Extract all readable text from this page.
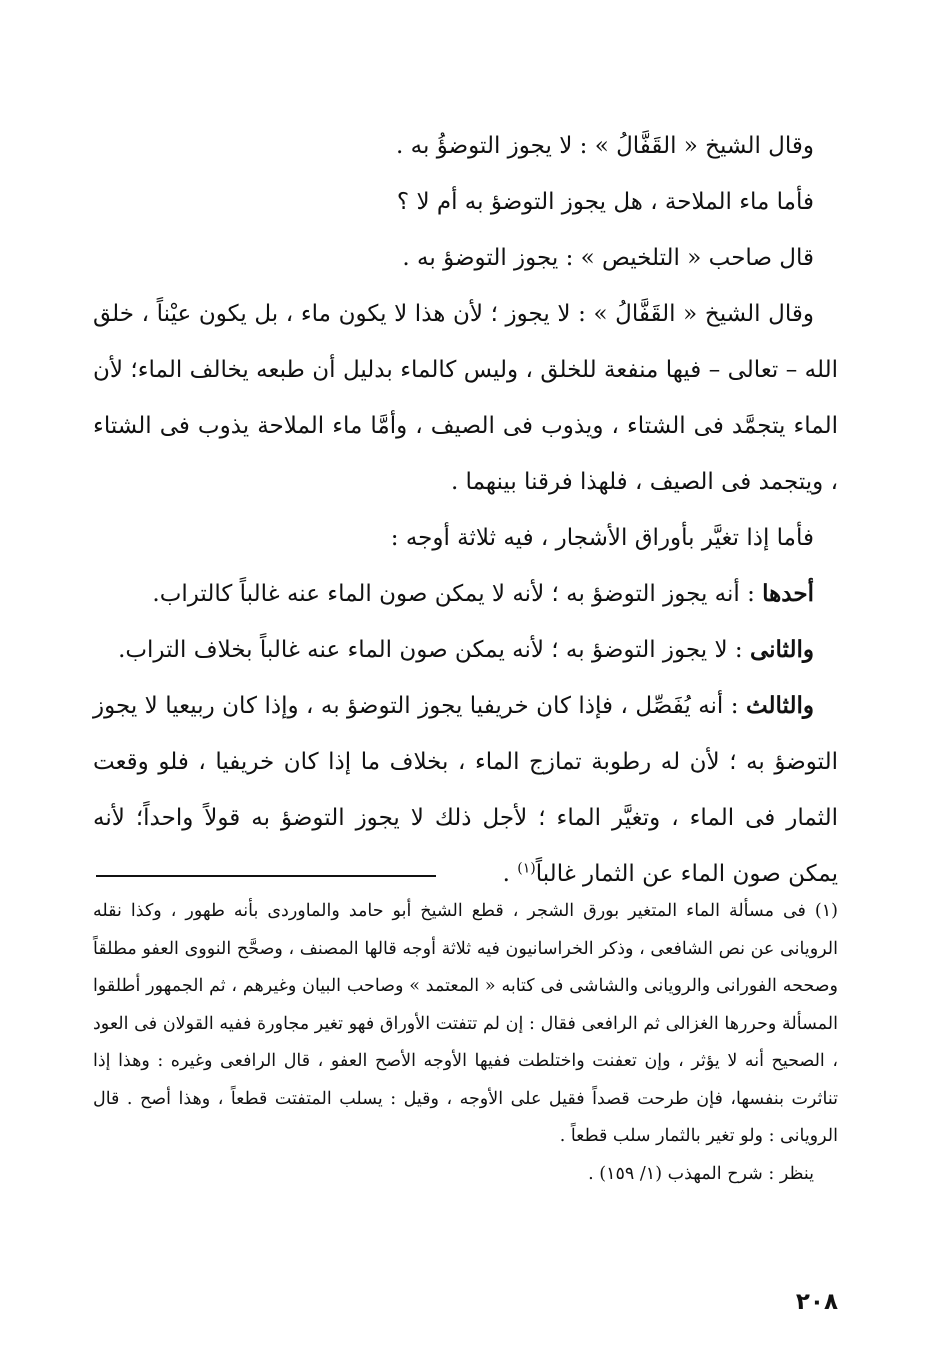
وقال الشيخ « القَفَّالُ » : لا يجوز التوضؤُ به .

فأما ماء الملاحة ، هل يجوز التوضؤ به أم لا ؟

قال صاحب « التلخيص » : يجوز التوضؤ به .

وقال الشيخ « القَفَّالُ » : لا يجوز ؛ لأن هذا لا يكون ماء ، بل يكون عيْناً ، خلق الله – تعالى – فيها منفعة للخلق ، وليس كالماء بدليل أن طبعه يخالف الماء؛ لأن الماء يتجمَّد فى الشتاء ، ويذوب فى الصيف ، وأمَّا ماء الملاحة يذوب فى الشتاء ، ويتجمد فى الصيف ، فلهذا فرقنا بينهما .

فأما إذا تغيَّر بأوراق الأشجار ، فيه ثلاثة أوجه :

أحدها : أنه يجوز التوضؤ به ؛ لأنه لا يمكن صون الماء عنه غالباً كالتراب.

والثانى : لا يجوز التوضؤ به ؛ لأنه يمكن صون الماء عنه غالباً بخلاف التراب.

والثالث : أنه يُفَصِّل ، فإذا كان خريفيا يجوز التوضؤ به ، وإذا كان ربيعيا لا يجوز التوضؤ به ؛ لأن له رطوبة تمازج الماء ، بخلاف ما إذا كان خريفيا ، فلو وقعت الثمار فى الماء ، وتغيَّر الماء ؛ لأجل ذلك لا يجوز التوضؤ به قولاً واحداً؛ لأنه يمكن صون الماء عن الثمار غالباً$^{(١)}$ .

(١) فى مسألة الماء المتغير بورق الشجر ، قطع الشيخ أبو حامد والماوردى بأنه طهور ، وكذا نقله الرويانى عن نص الشافعى ، وذكر الخراسانيون فيه ثلاثة أوجه قالها المصنف ، وصحَّح النووى العفو مطلقاً وصححه الفورانى والرويانى والشاشى فى كتابه « المعتمد » وصاحب البيان وغيرهم ، ثم الجمهور أطلقوا المسألة وحررها الغزالى ثم الرافعى فقال : إن لم تتفتت الأوراق فهو تغير مجاورة ففيه القولان فى العود ، الصحيح أنه لا يؤثر ، وإن تعفنت واختلطت ففيها الأوجه الأصح العفو ، قال الرافعى وغيره : وهذا إذا تناثرت بنفسها، فإن طرحت قصداً فقيل على الأوجه ، وقيل : يسلب المتفتت قطعاً ، وهذا أصح . قال الرويانى : ولو تغير بالثمار سلب قطعاً .

ينظر : شرح المهذب (١/ ١٥٩) .

٢٠٨
